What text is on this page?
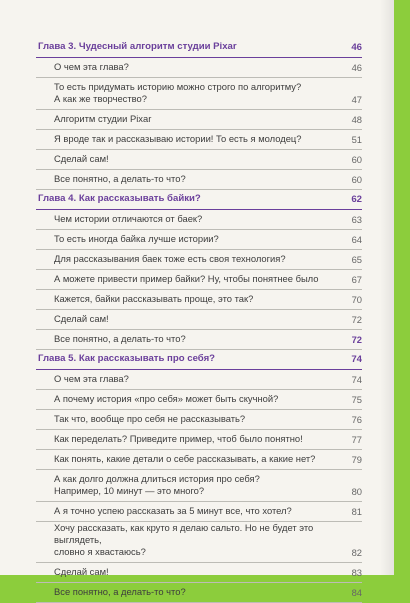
Глава 3. Чудесный алгоритм студии Pixar	46
О чем эта глава?	46
То есть придумать историю можно строго по алгоритму?
А как же творчество?	47
Алгоритм студии Pixar	48
Я вроде так и рассказываю истории! То есть я молодец?	51
Сделай сам!	60
Все понятно, а делать-то что?	60
Глава 4. Как рассказывать байки?	62
Чем истории отличаются от баек?	63
То есть иногда байка лучше истории?	64
Для рассказывания баек тоже есть своя технология?	65
А можете привести пример байки? Ну, чтобы понятнее было	67
Кажется, байки рассказывать проще, это так?	70
Сделай сам!	72
Все понятно, а делать-то что?	72
Глава 5. Как рассказывать про себя?	74
О чем эта глава?	74
А почему история «про себя» может быть скучной?	75
Так что, вообще про себя не рассказывать?	76
Как переделать? Приведите пример, чтоб было понятно!	77
Как понять, какие детали о себе рассказывать, а какие нет?	79
А как долго должна длиться история про себя?
Например, 10 минут — это много?	80
А я точно успею рассказать за 5 минут все, что хотел?	81
Хочу рассказать, как круто я делаю сальто. Но не будет это выглядеть,
словно я хвастаюсь?	82
Сделай сам!	83
Все понятно, а делать-то что?	84
